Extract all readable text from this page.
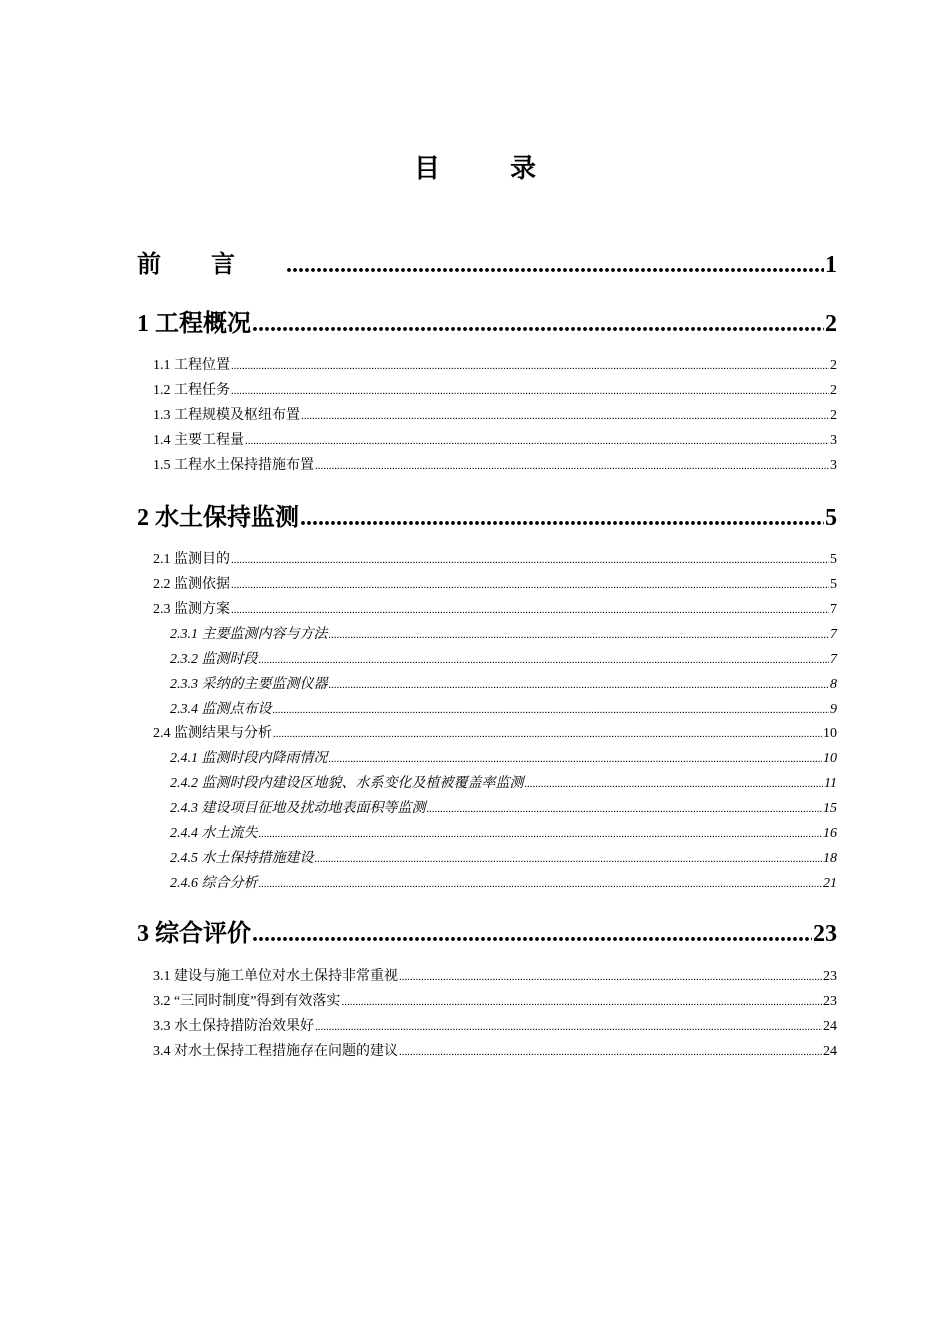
目录
前言 .....	1
1 工程概况 .....	2
1.1 工程位置 .....	2
1.2 工程任务 .....	2
1.3 工程规模及枢纽布置 .....	2
1.4 主要工程量 .....	3
1.5 工程水土保持措施布置 .....	3
2 水土保持监测 .....	5
2.1 监测目的 .....	5
2.2 监测依据 .....	5
2.3 监测方案 .....	7
2.3.1 主要监测内容与方法 .....	7
2.3.2 监测时段 .....	7
2.3.3 采纳的主要监测仪器 .....	8
2.3.4 监测点布设 .....	9
2.4 监测结果与分析 .....	10
2.4.1 监测时段内降雨情况 .....	10
2.4.2 监测时段内建设区地貌、水系变化及植被覆盖率监测 .....	11
2.4.3 建设项目征地及扰动地表面积等监测 .....	15
2.4.4 水土流失 .....	16
2.4.5 水土保持措施建设 .....	18
2.4.6 综合分析 .....	21
3 综合评价 .....	23
3.1 建设与施工单位对水土保持非常重视 .....	23
3.2 “三同时制度”得到有效落实 .....	23
3.3 水土保持措防治效果好 .....	24
3.4 对水土保持工程措施存在问题的建议 .....	24
